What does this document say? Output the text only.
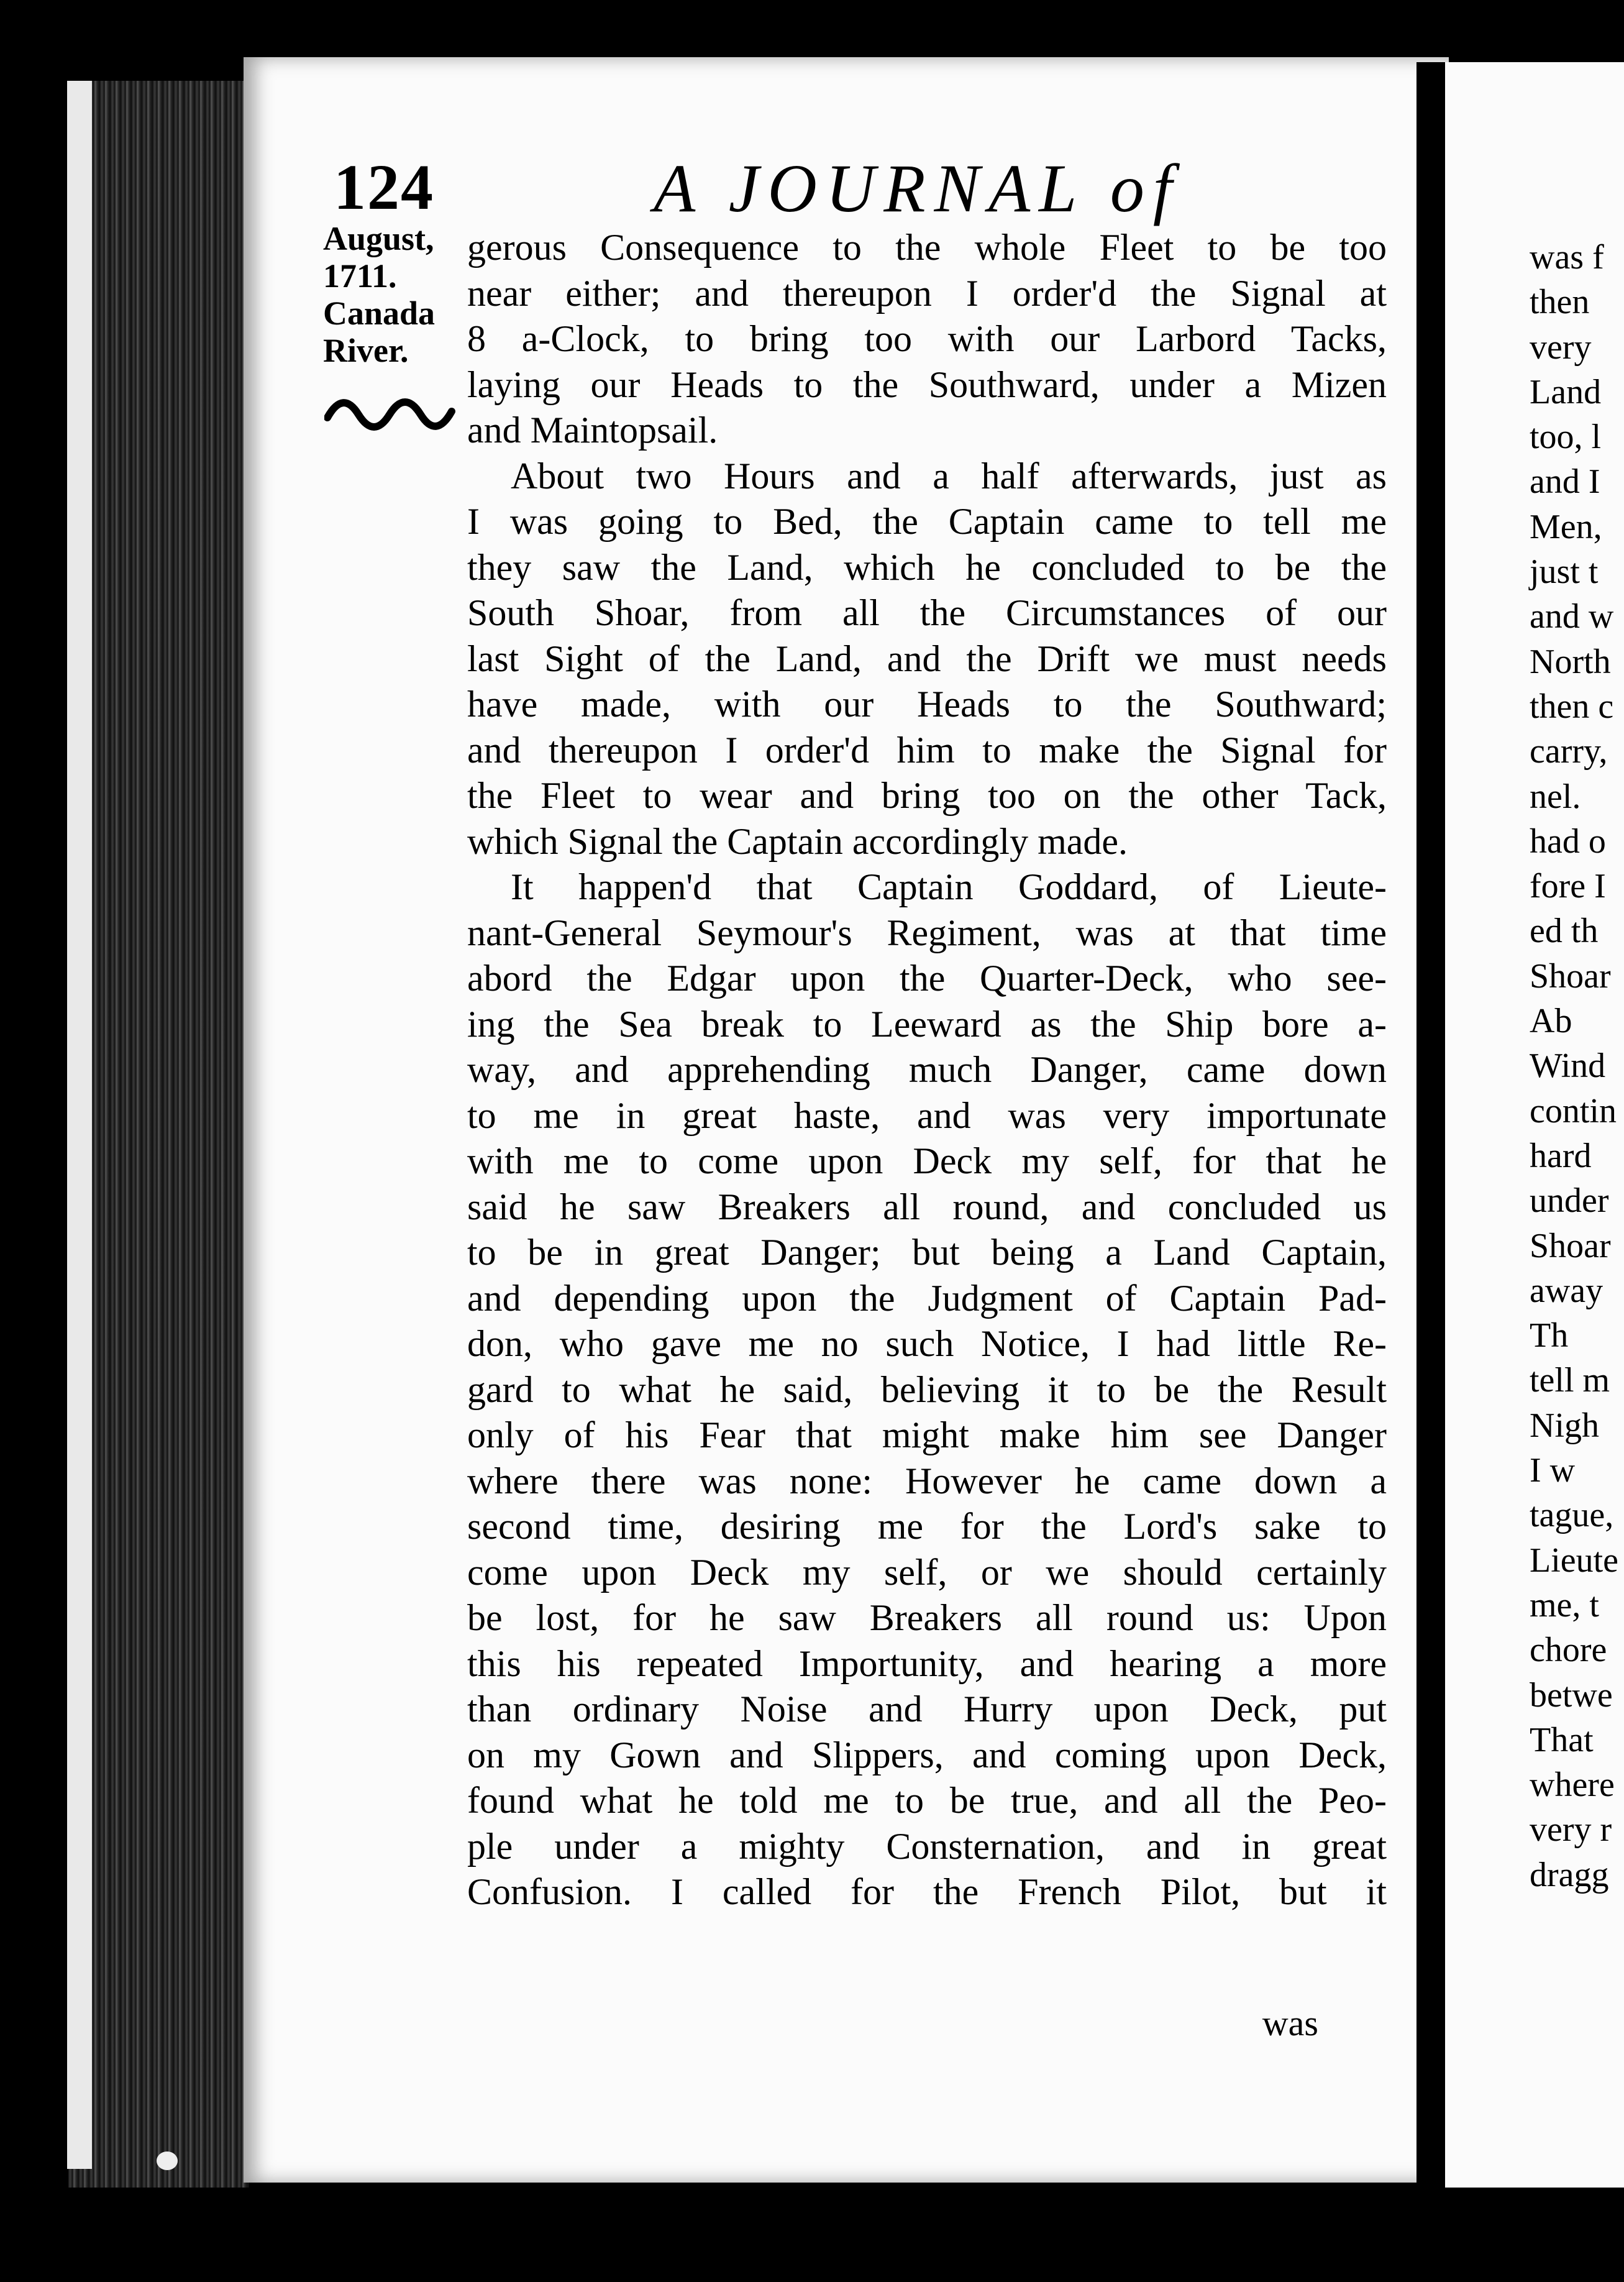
124	A JOURNAL of
August,
1711.
Canada
River.
gerous Consequence to the whole Fleet to be too
near either; and thereupon I order'd the Signal at
8 a-Clock, to bring too with our Larbord Tacks,
laying our Heads to the Southward, under a Mizen
and Maintopsail.
About two Hours and a half afterwards, just as
I was going to Bed, the Captain came to tell me
they saw the Land, which he concluded to be the
South Shoar, from all the Circumstances of our
last Sight of the Land, and the Drift we must needs
have made, with our Heads to the Southward;
and thereupon I order'd him to make the Signal for
the Fleet to wear and bring too on the other Tack,
which Signal the Captain accordingly made.
It happen'd that Captain Goddard, of Lieute-
nant-General Seymour's Regiment, was at that time
abord the Edgar upon the Quarter-Deck, who see-
ing the Sea break to Leeward as the Ship bore a-
way, and apprehending much Danger, came down
to me in great haste, and was very importunate
with me to come upon Deck my self, for that he
said he saw Breakers all round, and concluded us
to be in great Danger; but being a Land Captain,
and depending upon the Judgment of Captain Pad-
don, who gave me no such Notice, I had little Re-
gard to what he said, believing it to be the Result
only of his Fear that might make him see Danger
where there was none: However he came down a
second time, desiring me for the Lord's sake to
come upon Deck my self, or we should certainly
be lost, for he saw Breakers all round us: Upon
this his repeated Importunity, and hearing a more
than ordinary Noise and Hurry upon Deck, put
on my Gown and Slippers, and coming upon Deck,
found what he told me to be true, and all the Peo-
ple under a mighty Consternation, and in great
Confusion. I called for the French Pilot, but it
was
was f
then
very
Land
too, l
and I
Men,
just t
and w
North
then c
carry,
nel.
had o
fore I
ed th
Shoar
Ab
Wind
contin
hard
under
Shoar
away
Th
tell m
Nigh
I w
tague,
Lieute
me, t
chore
betwe
That
where
very r
dragg
